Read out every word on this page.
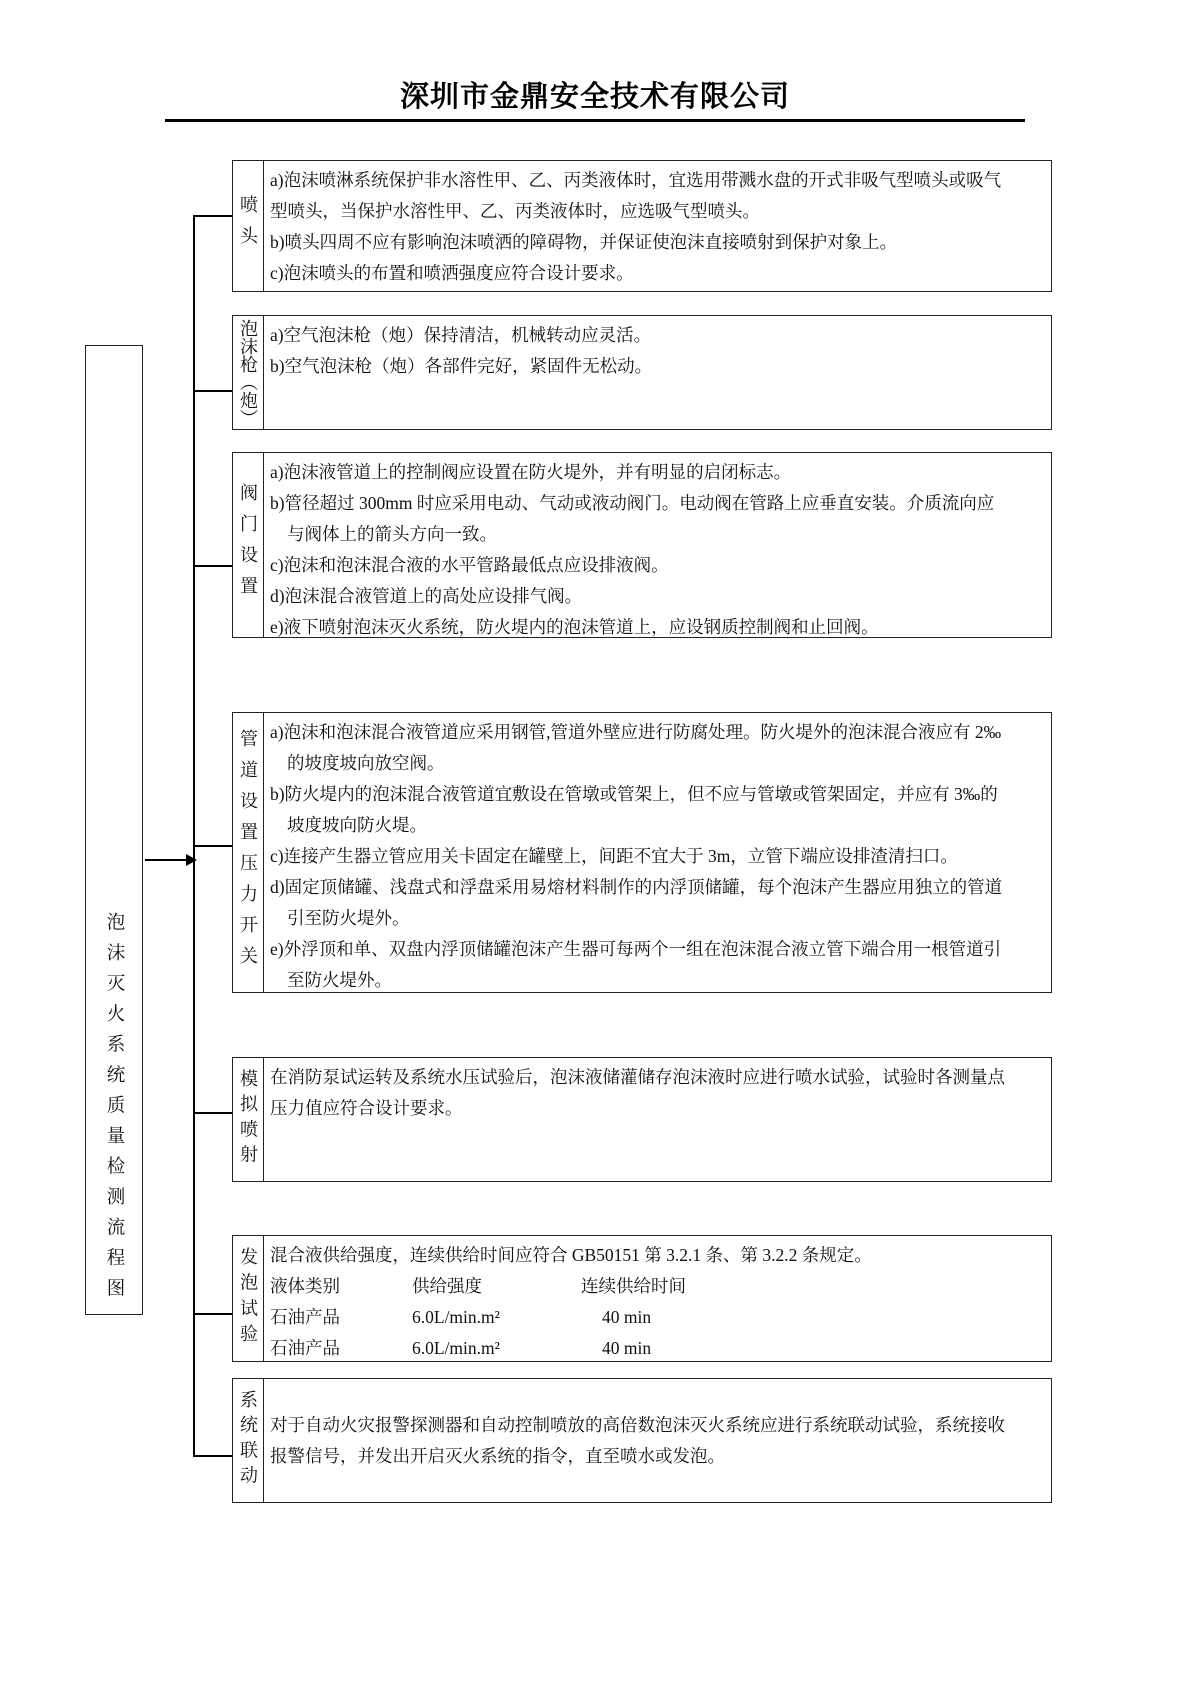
深圳市金鼎安全技术有限公司
泡沫灭火系统质量检测流程图
喷头
a)泡沫喷淋系统保护非水溶性甲、乙、丙类液体时，宜选用带溅水盘的开式非吸气型喷头或吸气
型喷头，当保护水溶性甲、乙、丙类液体时，应选吸气型喷头。
b)喷头四周不应有影响泡沫喷洒的障碍物，并保证使泡沫直接喷射到保护对象上。
c)泡沫喷头的布置和喷洒强度应符合设计要求。
泡沫枪（炮） a)空气泡沫枪（炮）保持清洁，机械转动应灵活。
b)空气泡沫枪（炮）各部件完好，紧固件无松动。
阀门设置
a)泡沫液管道上的控制阀应设置在防火堤外，并有明显的启闭标志。
b)管径超过 300mm 时应采用电动、气动或液动阀门。电动阀在管路上应垂直安装。介质流向应
与阀体上的箭头方向一致。
c)泡沫和泡沫混合液的水平管路最低点应设排液阀。
d)泡沫混合液管道上的高处应设排气阀。
e)液下喷射泡沫灭火系统，防火堤内的泡沫管道上，应设钢质控制阀和止回阀。
管道设置压力开关 a)泡沫和泡沫混合液管道应采用钢管,管道外壁应进行防腐处理。防火堤外的泡沫混合液应有 2‰
的坡度坡向放空阀。
b)防火堤内的泡沫混合液管道宜敷设在管墩或管架上，但不应与管墩或管架固定，并应有 3‰的
坡度坡向防火堤。
c)连接产生器立管应用关卡固定在罐壁上，间距不宜大于 3m，立管下端应设排渣清扫口。
d)固定顶储罐、浅盘式和浮盘采用易熔材料制作的内浮顶储罐，每个泡沫产生器应用独立的管道
引至防火堤外。
e)外浮顶和单、双盘内浮顶储罐泡沫产生器可每两个一组在泡沫混合液立管下端合用一根管道引
至防火堤外。
模拟喷射 在消防泵试运转及系统水压试验后，泡沫液储灌储存泡沫液时应进行喷水试验，试验时各测量点
压力值应符合设计要求。
发泡试验 混合液供给强度，连续供给时间应符合 GB50151 第 3.2.1 条、第 3.2.2 条规定。
液体类别	供给强度	连续供给时间
石油产品	6.0L/min.m²	40 min
石油产品	6.0L/min.m²	40 min
系统联动 对于自动火灾报警探测器和自动控制喷放的高倍数泡沫灭火系统应进行系统联动试验，系统接收
报警信号，并发出开启灭火系统的指令，直至喷水或发泡。
